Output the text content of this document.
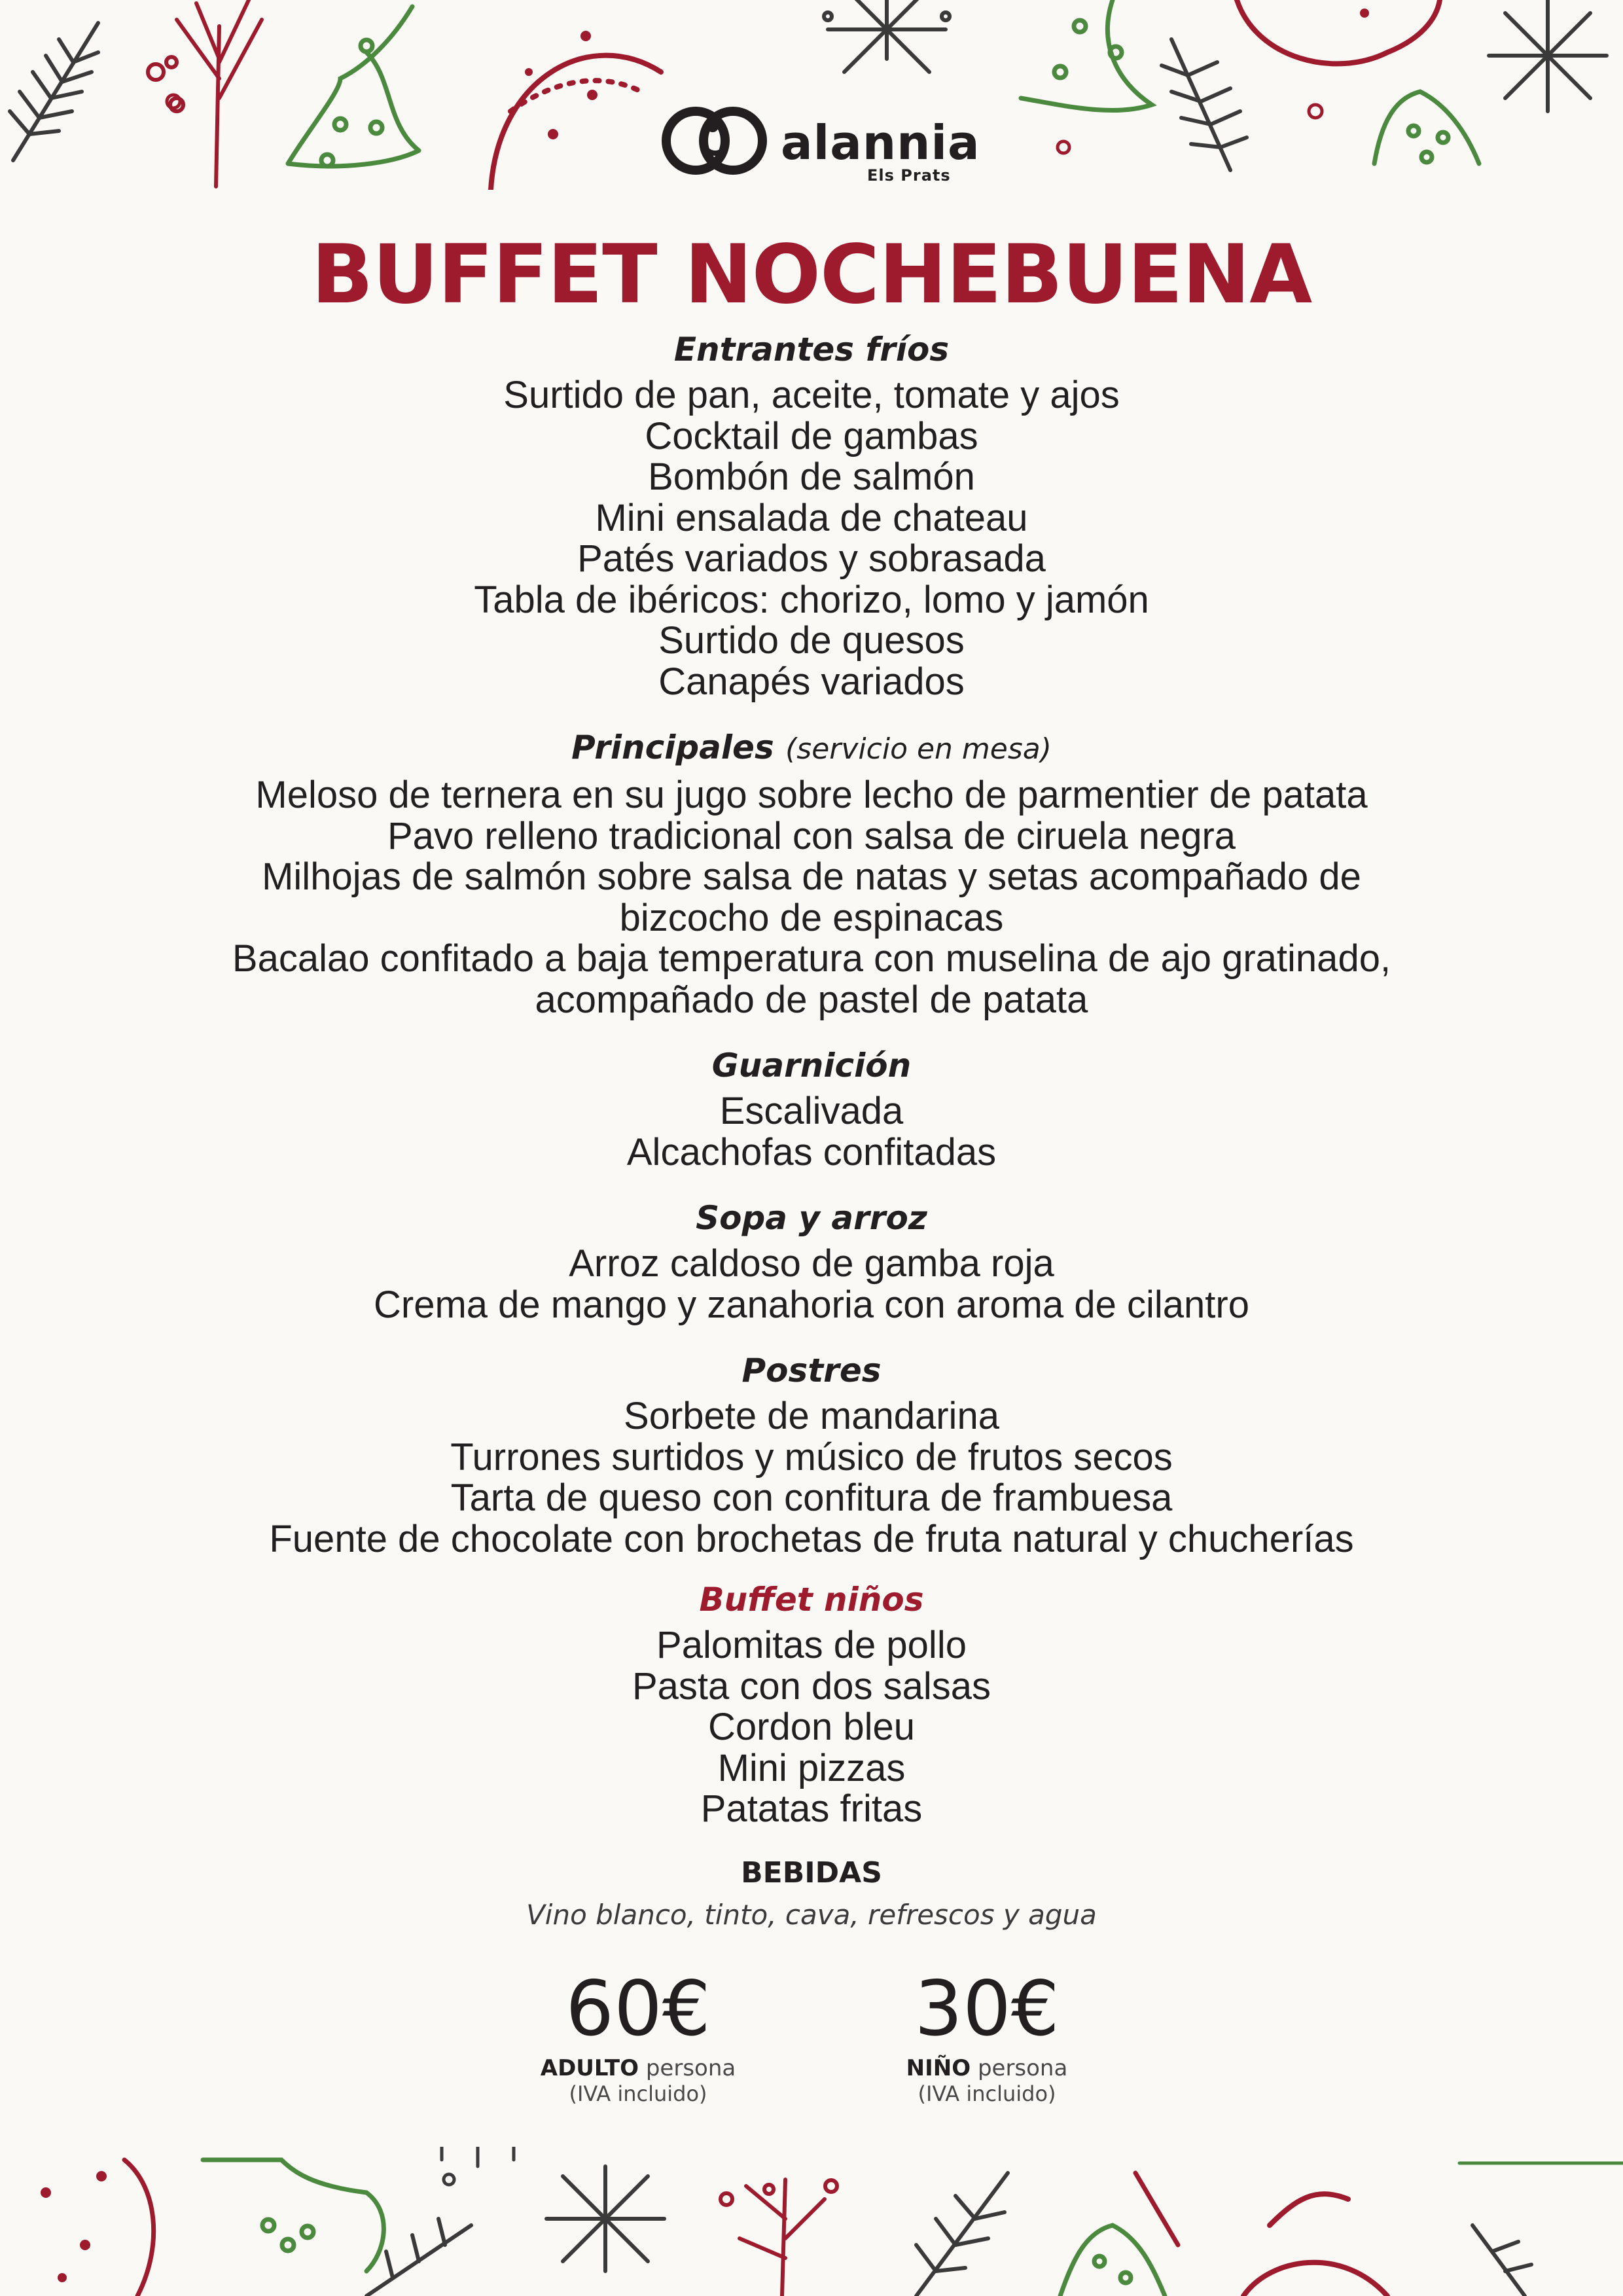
alannia
Els Prats
BUFFET NOCHEBUENA
Entrantes fríos
Surtido de pan, aceite, tomate y ajos
Cocktail de gambas
Bombón de salmón
Mini ensalada de chateau
Patés variados y sobrasada
Tabla de ibéricos: chorizo, lomo y jamón
Surtido de quesos
Canapés variados
Principales (servicio en mesa)
Meloso de ternera en su jugo sobre lecho de parmentier de patata
Pavo relleno tradicional con salsa de ciruela negra
Milhojas de salmón sobre salsa de natas y setas acompañado de
bizcocho de espinacas
Bacalao confitado a baja temperatura con muselina de ajo gratinado,
acompañado de pastel de patata
Guarnición
Escalivada
Alcachofas confitadas
Sopa y arroz
Arroz caldoso de gamba roja
Crema de mango y zanahoria con aroma de cilantro
Postres
Sorbete de mandarina
Turrones surtidos y músico de frutos secos
Tarta de queso con confitura de frambuesa
Fuente de chocolate con brochetas de fruta natural y chucherías
Buffet niños
Palomitas de pollo
Pasta con dos salsas
Cordon bleu
Mini pizzas
Patatas fritas
BEBIDAS
Vino blanco, tinto, cava, refrescos y agua
60€
ADULTO persona
(IVA incluido)
30€
NIÑO persona
(IVA incluido)
